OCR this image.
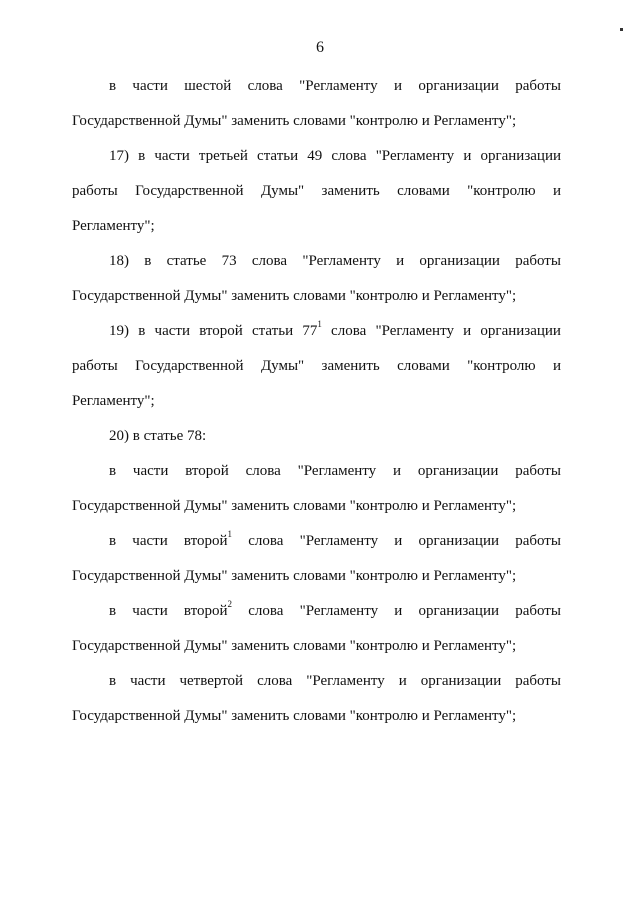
6
в части шестой слова "Регламенту и организации работы
Государственной Думы" заменить словами "контролю и Регламенту";
17) в части третьей статьи 49 слова "Регламенту и организации
работы Государственной Думы" заменить словами "контролю и
Регламенту";
18) в статье 73 слова "Регламенту и организации работы
Государственной Думы" заменить словами "контролю и Регламенту";
19) в части второй статьи $77^1$ слова "Регламенту и организации
работы Государственной Думы" заменить словами "контролю и
Регламенту";
20) в статье 78:
в части второй слова "Регламенту и организации работы
Государственной Думы" заменить словами "контролю и Регламенту";
в части второй$^1$ слова "Регламенту и организации работы
Государственной Думы" заменить словами "контролю и Регламенту";
в части второй$^2$ слова "Регламенту и организации работы
Государственной Думы" заменить словами "контролю и Регламенту";
в части четвертой слова "Регламенту и организации работы
Государственной Думы" заменить словами "контролю и Регламенту";
